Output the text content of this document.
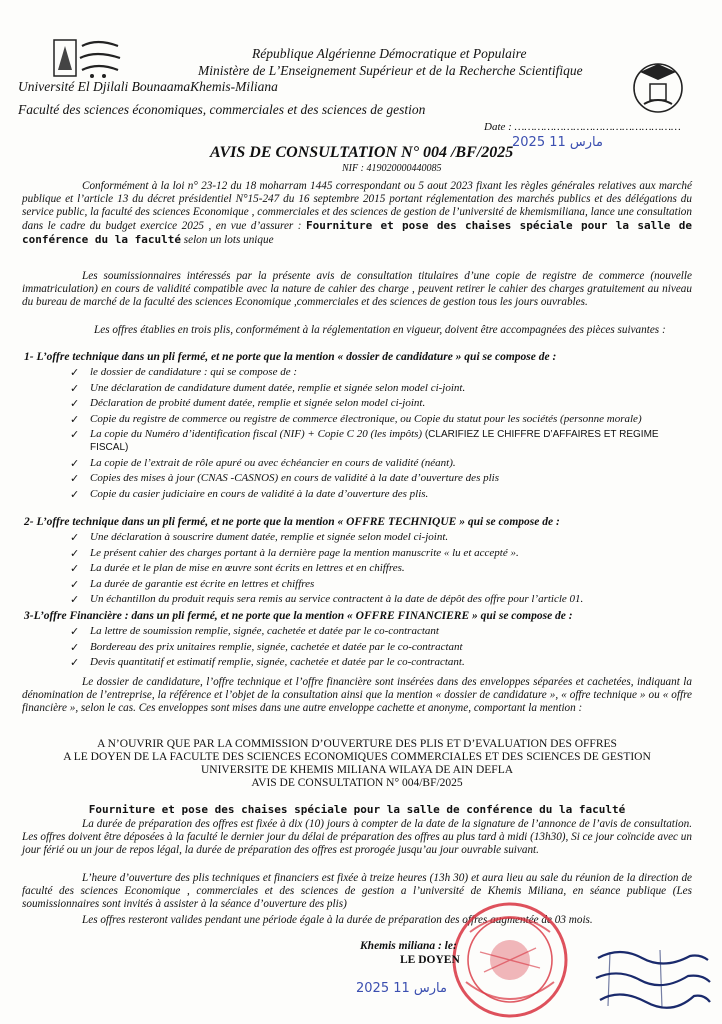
République Algérienne Démocratique et Populaire
Ministère de L’Enseignement Supérieur et de la Recherche Scientifique
Université El Djilali BounaamaKhemis-Miliana
Faculté des sciences économiques, commerciales et des sciences de gestion
Date : ……………………………………………
2025 مارس 11
AVIS DE CONSULTATION N° 004 /BF/2025
NIF : 419020000440085
Conformément à la loi n° 23-12 du 18 moharram 1445 correspondant ou 5 aout 2023 fixant les règles générales relatives aux marché publique et l’article 13 du décret présidentiel N°15-247 du 16 septembre 2015 portant réglementation des marchés publics et des délégations du service public, la faculté des sciences Economique , commerciales et des sciences de gestion de l’université de khemismiliana, lance une consultation dans le cadre du budget exercice 2025 , en vue d’assurer : Fourniture et pose des chaises spéciale pour la salle de conférence du la faculté selon un lots unique
Les soumissionnaires intéressés par la présente avis de consultation titulaires d’une copie de registre de commerce (nouvelle immatriculation) en cours de validité compatible avec la nature de cahier des charge , peuvent retirer le cahier des charges gratuitement au niveau du bureau de marché de la faculté des sciences Economique ,commerciales et des sciences de gestion tous les jours ouvrables.
Les offres établies en trois plis, conformément à la réglementation en vigueur, doivent être accompagnées des pièces suivantes :
1- L’offre technique dans un pli fermé, et ne porte que la mention « dossier de candidature » qui se compose de :
✓ le dossier de candidature : qui se compose de :
✓ Une déclaration de candidature dument datée, remplie et signée selon model ci-joint.
✓ Déclaration de probité dument datée, remplie et signée selon model ci-joint.
✓ Copie du registre de commerce ou registre de commerce électronique, ou Copie du statut pour les sociétés (personne morale)
✓ La copie du Numéro d’identification fiscal (NIF) + Copie C 20 (les impôts) (CLARIFIEZ LE CHIFFRE D’AFFAIRES ET REGIME FISCAL)
✓ La copie de l’extrait de rôle apuré ou avec échéancier en cours de validité (néant).
✓ Copies des mises à jour (CNAS -CASNOS) en cours de validité à la date d’ouverture des plis
✓ Copie du casier judiciaire en cours de validité à la date d’ouverture des plis.
2- L’offre technique dans un pli fermé, et ne porte que la mention « OFFRE TECHNIQUE » qui se compose de :
✓ Une déclaration à souscrire dument datée, remplie et signée selon model ci-joint.
✓ Le présent cahier des charges portant à la dernière page la mention manuscrite « lu et accepté ».
✓ La durée et le plan de mise en œuvre sont écrits en lettres et en chiffres.
✓ La durée de garantie est écrite en lettres et chiffres
✓ Un échantillon du produit requis sera remis au service contractent à la date de dépôt des offre pour l’article 01.
3-L’offre Financière : dans un pli fermé, et ne porte que la mention « OFFRE FINANCIERE » qui se compose de :
✓ La lettre de soumission remplie, signée, cachetée et datée par le co-contractant
✓ Bordereau des prix unitaires remplie, signée, cachetée et datée par le co-contractant
✓ Devis quantitatif et estimatif remplie, signée, cachetée et datée par le co-contractant.
Le dossier de candidature, l’offre technique et l’offre financière sont insérées dans des enveloppes séparées et cachetées, indiquant la dénomination de l’entreprise, la référence et l’objet de la consultation ainsi que la mention « dossier de candidature », « offre technique » ou « offre financière », selon le cas. Ces enveloppes sont mises dans une autre enveloppe cachette et anonyme, comportant la mention :
A N’OUVRIR QUE PAR LA COMMISSION D’OUVERTURE DES PLIS ET D’EVALUATION DES OFFRES
A LE DOYEN DE LA FACULTE DES SCIENCES ECONOMIQUES COMMERCIALES ET DES SCIENCES DE GESTION
UNIVERSITE DE KHEMIS MILIANA WILAYA DE AIN DEFLA
AVIS DE CONSULTATION N° 004/BF/2025
Fourniture et pose des chaises spéciale pour la salle de conférence du la faculté
La durée de préparation des offres est fixée à dix (10) jours à compter de la date de la signature de l’annonce de l’avis de consultation. Les offres doivent être déposées à la faculté le dernier jour du délai de préparation des offres au plus tard à midi (13h30), Si ce jour coïncide avec un jour férié ou un jour de repos légal, la durée de préparation des offres est prorogée jusqu’au jour ouvrable suivant.
L’heure d’ouverture des plis techniques et financiers est fixée à treize heures (13h 30) et aura lieu au sale du réunion de la direction de faculté des sciences Economique , commerciales et des sciences de gestion a l’université de Khemis Miliana, en séance publique (Les soumissionnaires sont invités à assister à la séance d’ouverture des plis)
Les offres resteront valides pendant une période égale à la durée de préparation des offres augmentée de 03 mois.
Khemis miliana : le:
LE DOYEN
2025 مارس 11
